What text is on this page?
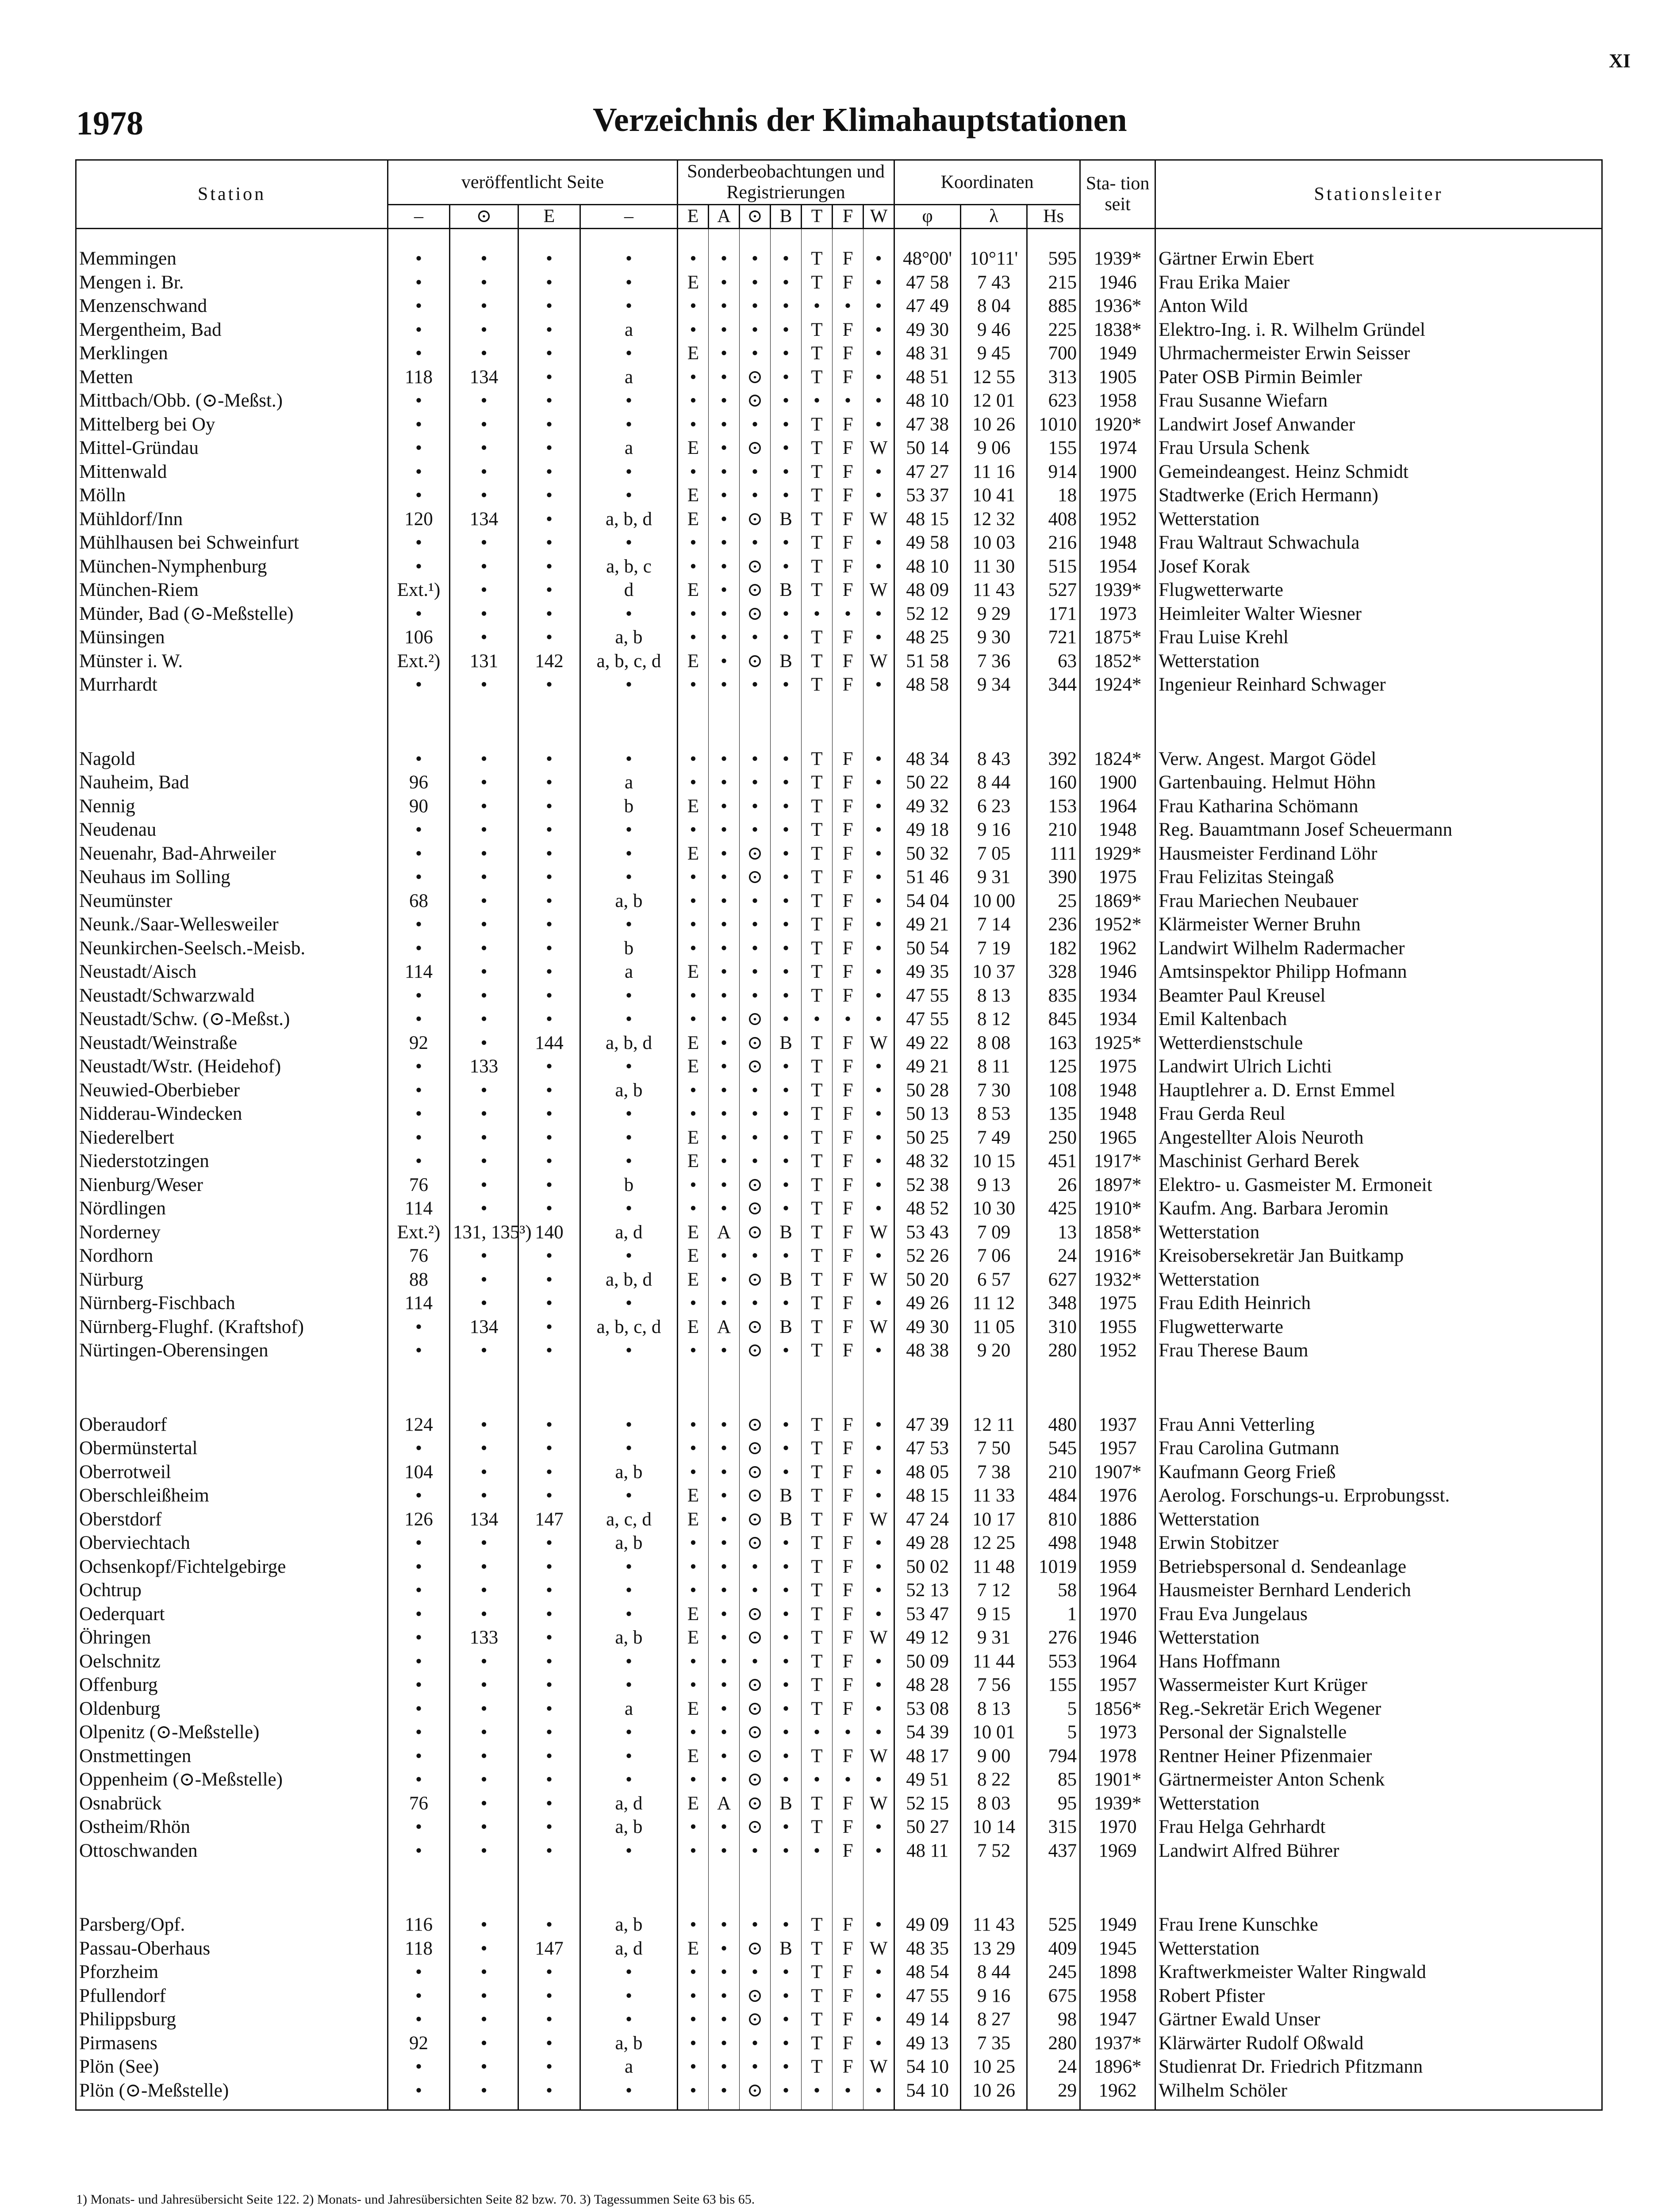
XI
1978	Verzeichnis der Klimahauptstationen
Station	veröffentlicht Seite				Sonderbeobachtungen und Registrierungen							Koordinaten			Sta- tion seit	Stationsleiter
	–	⊙	E	–	E	A	⊙	B	T	F	W	φ	λ	Hs		

Memmingen	•	•	•	•	•	•	•	•	T	F	•	48°00'	10°11'	595	1939*	Gärtner Erwin Ebert
Mengen i. Br.	•	•	•	•	E	•	•	•	T	F	•	47 58	7 43	215	1946	Frau Erika Maier
Menzenschwand	•	•	•	•	•	•	•	•	•	•	•	47 49	8 04	885	1936*	Anton Wild
Mergentheim, Bad	•	•	•	a	•	•	•	•	T	F	•	49 30	9 46	225	1838*	Elektro-Ing. i. R. Wilhelm Gründel
Merklingen	•	•	•	•	E	•	•	•	T	F	•	48 31	9 45	700	1949	Uhrmachermeister Erwin Seisser
Metten	118	134	•	a	•	•	⊙	•	T	F	•	48 51	12 55	313	1905	Pater OSB Pirmin Beimler
Mittbach/Obb. (⊙-Meßst.)	•	•	•	•	•	•	⊙	•	•	•	•	48 10	12 01	623	1958	Frau Susanne Wiefarn
Mittelberg bei Oy	•	•	•	•	•	•	•	•	T	F	•	47 38	10 26	1010	1920*	Landwirt Josef Anwander
Mittel-Gründau	•	•	•	a	E	•	⊙	•	T	F	W	50 14	9 06	155	1974	Frau Ursula Schenk
Mittenwald	•	•	•	•	•	•	•	•	T	F	•	47 27	11 16	914	1900	Gemeindeangest. Heinz Schmidt
Mölln	•	•	•	•	E	•	•	•	T	F	•	53 37	10 41	18	1975	Stadtwerke (Erich Hermann)
Mühldorf/Inn	120	134	•	a, b, d	E	•	⊙	B	T	F	W	48 15	12 32	408	1952	Wetterstation
Mühlhausen bei Schweinfurt	•	•	•	•	•	•	•	•	T	F	•	49 58	10 03	216	1948	Frau Waltraut Schwachula
München-Nymphenburg	•	•	•	a, b, c	•	•	⊙	•	T	F	•	48 10	11 30	515	1954	Josef Korak
München-Riem	Ext.¹)	•	•	d	E	•	⊙	B	T	F	W	48 09	11 43	527	1939*	Flugwetterwarte
Münder, Bad (⊙-Meßstelle)	•	•	•	•	•	•	⊙	•	•	•	•	52 12	9 29	171	1973	Heimleiter Walter Wiesner
Münsingen	106	•	•	a, b	•	•	•	•	T	F	•	48 25	9 30	721	1875*	Frau Luise Krehl
Münster i. W.	Ext.²)	131	142	a, b, c, d	E	•	⊙	B	T	F	W	51 58	7 36	63	1852*	Wetterstation
Murrhardt	•	•	•	•	•	•	•	•	T	F	•	48 58	9 34	344	1924*	Ingenieur Reinhard Schwager

Nagold	•	•	•	•	•	•	•	•	T	F	•	48 34	8 43	392	1824*	Verw. Angest. Margot Gödel
Nauheim, Bad	96	•	•	a	•	•	•	•	T	F	•	50 22	8 44	160	1900	Gartenbauing. Helmut Höhn
Nennig	90	•	•	b	E	•	•	•	T	F	•	49 32	6 23	153	1964	Frau Katharina Schömann
Neudenau	•	•	•	•	•	•	•	•	T	F	•	49 18	9 16	210	1948	Reg. Bauamtmann Josef Scheuermann
Neuenahr, Bad-Ahrweiler	•	•	•	•	E	•	⊙	•	T	F	•	50 32	7 05	111	1929*	Hausmeister Ferdinand Löhr
Neuhaus im Solling	•	•	•	•	•	•	⊙	•	T	F	•	51 46	9 31	390	1975	Frau Felizitas Steingaß
Neumünster	68	•	•	a, b	•	•	•	•	T	F	•	54 04	10 00	25	1869*	Frau Mariechen Neubauer
Neunk./Saar-Wellesweiler	•	•	•	•	•	•	•	•	T	F	•	49 21	7 14	236	1952*	Klärmeister Werner Bruhn
Neunkirchen-Seelsch.-Meisb.	•	•	•	b	•	•	•	•	T	F	•	50 54	7 19	182	1962	Landwirt Wilhelm Radermacher
Neustadt/Aisch	114	•	•	a	E	•	•	•	T	F	•	49 35	10 37	328	1946	Amtsinspektor Philipp Hofmann
Neustadt/Schwarzwald	•	•	•	•	•	•	•	•	T	F	•	47 55	8 13	835	1934	Beamter Paul Kreusel
Neustadt/Schw. (⊙-Meßst.)	•	•	•	•	•	•	⊙	•	•	•	•	47 55	8 12	845	1934	Emil Kaltenbach
Neustadt/Weinstraße	92	•	144	a, b, d	E	•	⊙	B	T	F	W	49 22	8 08	163	1925*	Wetterdienstschule
Neustadt/Wstr. (Heidehof)	•	133	•	•	E	•	⊙	•	T	F	•	49 21	8 11	125	1975	Landwirt Ulrich Lichti
Neuwied-Oberbieber	•	•	•	a, b	•	•	•	•	T	F	•	50 28	7 30	108	1948	Hauptlehrer a. D. Ernst Emmel
Nidderau-Windecken	•	•	•	•	•	•	•	•	T	F	•	50 13	8 53	135	1948	Frau Gerda Reul
Niederelbert	•	•	•	•	E	•	•	•	T	F	•	50 25	7 49	250	1965	Angestellter Alois Neuroth
Niederstotzingen	•	•	•	•	E	•	•	•	T	F	•	48 32	10 15	451	1917*	Maschinist Gerhard Berek
Nienburg/Weser	76	•	•	b	•	•	⊙	•	T	F	•	52 38	9 13	26	1897*	Elektro- u. Gasmeister M. Ermoneit
Nördlingen	114	•	•	•	•	•	⊙	•	T	F	•	48 52	10 30	425	1910*	Kaufm. Ang. Barbara Jeromin
Norderney	Ext.²)	131, 135³)	140	a, d	E	A	⊙	B	T	F	W	53 43	7 09	13	1858*	Wetterstation
Nordhorn	76	•	•	•	E	•	•	•	T	F	•	52 26	7 06	24	1916*	Kreisobersekretär Jan Buitkamp
Nürburg	88	•	•	a, b, d	E	•	⊙	B	T	F	W	50 20	6 57	627	1932*	Wetterstation
Nürnberg-Fischbach	114	•	•	•	•	•	•	•	T	F	•	49 26	11 12	348	1975	Frau Edith Heinrich
Nürnberg-Flughf. (Kraftshof)	•	134	•	a, b, c, d	E	A	⊙	B	T	F	W	49 30	11 05	310	1955	Flugwetterwarte
Nürtingen-Oberensingen	•	•	•	•	•	•	⊙	•	T	F	•	48 38	9 20	280	1952	Frau Therese Baum

Oberaudorf	124	•	•	•	•	•	⊙	•	T	F	•	47 39	12 11	480	1937	Frau Anni Vetterling
Obermünstertal	•	•	•	•	•	•	⊙	•	T	F	•	47 53	7 50	545	1957	Frau Carolina Gutmann
Oberrotweil	104	•	•	a, b	•	•	⊙	•	T	F	•	48 05	7 38	210	1907*	Kaufmann Georg Frieß
Oberschleißheim	•	•	•	•	E	•	⊙	B	T	F	•	48 15	11 33	484	1976	Aerolog. Forschungs-u. Erprobungsst.
Oberstdorf	126	134	147	a, c, d	E	•	⊙	B	T	F	W	47 24	10 17	810	1886	Wetterstation
Oberviechtach	•	•	•	a, b	•	•	⊙	•	T	F	•	49 28	12 25	498	1948	Erwin Stobitzer
Ochsenkopf/Fichtelgebirge	•	•	•	•	•	•	•	•	T	F	•	50 02	11 48	1019	1959	Betriebspersonal d. Sendeanlage
Ochtrup	•	•	•	•	•	•	•	•	T	F	•	52 13	7 12	58	1964	Hausmeister Bernhard Lenderich
Oederquart	•	•	•	•	E	•	⊙	•	T	F	•	53 47	9 15	1	1970	Frau Eva Jungelaus
Öhringen	•	133	•	a, b	E	•	⊙	•	T	F	W	49 12	9 31	276	1946	Wetterstation
Oelschnitz	•	•	•	•	•	•	•	•	T	F	•	50 09	11 44	553	1964	Hans Hoffmann
Offenburg	•	•	•	•	•	•	⊙	•	T	F	•	48 28	7 56	155	1957	Wassermeister Kurt Krüger
Oldenburg	•	•	•	a	E	•	⊙	•	T	F	•	53 08	8 13	5	1856*	Reg.-Sekretär Erich Wegener
Olpenitz (⊙-Meßstelle)	•	•	•	•	•	•	⊙	•	•	•	•	54 39	10 01	5	1973	Personal der Signalstelle
Onstmettingen	•	•	•	•	E	•	⊙	•	T	F	W	48 17	9 00	794	1978	Rentner Heiner Pfizenmaier
Oppenheim (⊙-Meßstelle)	•	•	•	•	•	•	⊙	•	•	•	•	49 51	8 22	85	1901*	Gärtnermeister Anton Schenk
Osnabrück	76	•	•	a, d	E	A	⊙	B	T	F	W	52 15	8 03	95	1939*	Wetterstation
Ostheim/Rhön	•	•	•	a, b	•	•	⊙	•	T	F	•	50 27	10 14	315	1970	Frau Helga Gehrhardt
Ottoschwanden	•	•	•	•	•	•	•	•	•	F	•	48 11	7 52	437	1969	Landwirt Alfred Bührer

Parsberg/Opf.	116	•	•	a, b	•	•	•	•	T	F	•	49 09	11 43	525	1949	Frau Irene Kunschke
Passau-Oberhaus	118	•	147	a, d	E	•	⊙	B	T	F	W	48 35	13 29	409	1945	Wetterstation
Pforzheim	•	•	•	•	•	•	•	•	T	F	•	48 54	8 44	245	1898	Kraftwerkmeister Walter Ringwald
Pfullendorf	•	•	•	•	•	•	⊙	•	T	F	•	47 55	9 16	675	1958	Robert Pfister
Philippsburg	•	•	•	•	•	•	⊙	•	T	F	•	49 14	8 27	98	1947	Gärtner Ewald Unser
Pirmasens	92	•	•	a, b	•	•	•	•	T	F	•	49 13	7 35	280	1937*	Klärwärter Rudolf Oßwald
Plön (See)	•	•	•	a	•	•	•	•	T	F	W	54 10	10 25	24	1896*	Studienrat Dr. Friedrich Pfitzmann
Plön (⊙-Meßstelle)	•	•	•	•	•	•	⊙	•	•	•	•	54 10	10 26	29	1962	Wilhelm Schöler

1) Monats- und Jahresübersicht Seite 122. 2) Monats- und Jahresübersichten Seite 82 bzw. 70. 3) Tagessummen Seite 63 bis 65.
